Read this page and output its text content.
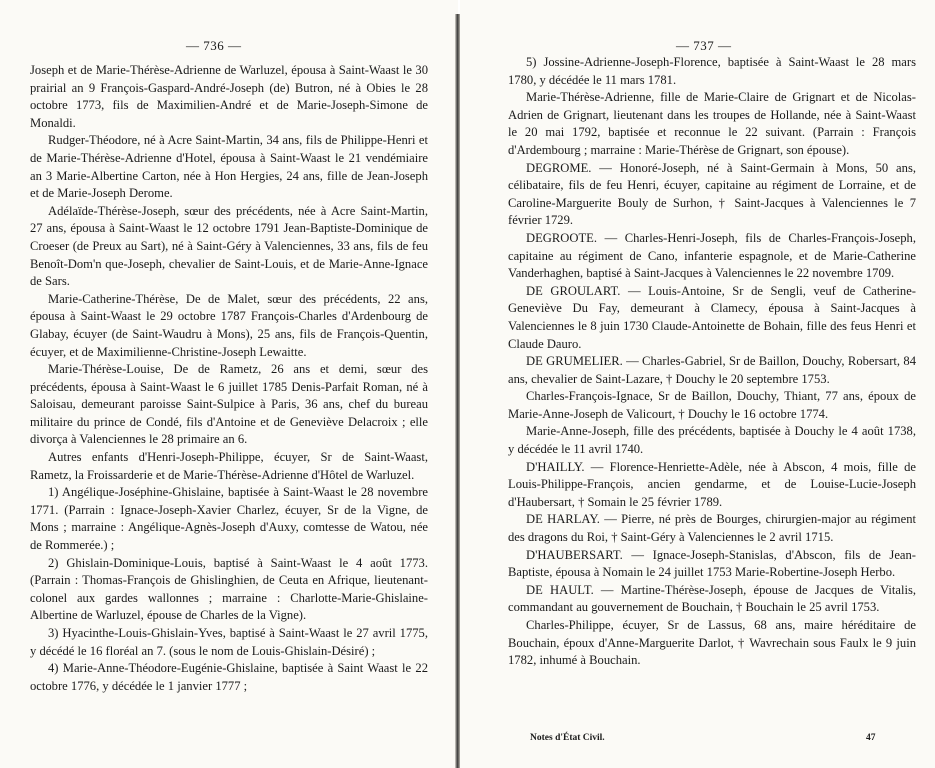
— 736 —

Joseph et de Marie-Thérèse-Adrienne de Warluzel, épousa à Saint-Waast le 30 prairial an 9 François-Gaspard-André-Joseph (de) Butron, né à Obies le 28 octobre 1773, fils de Maximilien-André et de Marie-Joseph-Simone de Monaldi.

Rudger-Théodore, né à Acre Saint-Martin, 34 ans, fils de Philippe-Henri et de Marie-Thérèse-Adrienne d'Hotel, épousa à Saint-Waast le 21 vendémiaire an 3 Marie-Albertine Carton, née à Hon Hergies, 24 ans, fille de Jean-Joseph et de Marie-Joseph Derome.

Adélaïde-Thérèse-Joseph, sœur des précédents, née à Acre Saint-Martin, 27 ans, épousa à Saint-Waast le 12 octobre 1791 Jean-Baptiste-Dominique de Croeser (de Preux au Sart), né à Saint-Géry à Valenciennes, 33 ans, fils de feu Benoît-Dom'n que-Joseph, chevalier de Saint-Louis, et de Marie-Anne-Ignace de Sars.

Marie-Catherine-Thérèse, De de Malet, sœur des précédents, 22 ans, épousa à Saint-Waast le 29 octobre 1787 François-Charles d'Ardenbourg de Glabay, écuyer (de Saint-Waudru à Mons), 25 ans, fils de François-Quentin, écuyer, et de Maximilienne-Christine-Joseph Lewaitte.

Marie-Thérèse-Louise, De de Rametz, 26 ans et demi, sœur des précédents, épousa à Saint-Waast le 6 juillet 1785 Denis-Parfait Roman, né à Saloisau, demeurant paroisse Saint-Sulpice à Paris, 36 ans, chef du bureau militaire du prince de Condé, fils d'Antoine et de Geneviève Delacroix ; elle divorça à Valenciennes le 28 primaire an 6.

Autres enfants d'Henri-Joseph-Philippe, écuyer, Sr de Saint-Waast, Rametz, la Froissarderie et de Marie-Thérèse-Adrienne d'Hôtel de Warluzel.

1) Angélique-Joséphine-Ghislaine, baptisée à Saint-Waast le 28 novembre 1771. (Parrain : Ignace-Joseph-Xavier Charlez, écuyer, Sr de la Vigne, de Mons ; marraine : Angélique-Agnès-Joseph d'Auxy, comtesse de Watou, née de Rommerée.) ;

2) Ghislain-Dominique-Louis, baptisé à Saint-Waast le 4 août 1773. (Parrain : Thomas-François de Ghislinghien, de Ceuta en Afrique, lieutenant-colonel aux gardes wallonnes ; marraine : Charlotte-Marie-Ghislaine-Albertine de Warluzel, épouse de Charles de la Vigne).

3) Hyacinthe-Louis-Ghislain-Yves, baptisé à Saint-Waast le 27 avril 1775, y décédé le 16 floréal an 7. (sous le nom de Louis-Ghislain-Désiré) ;

4) Marie-Anne-Théodore-Eugénie-Ghislaine, baptisée à Saint Waast le 22 octobre 1776, y décédée le 1 janvier 1777 ;

— 737 —

5) Jossine-Adrienne-Joseph-Florence, baptisée à Saint-Waast le 28 mars 1780, y décédée le 11 mars 1781.

Marie-Thérèse-Adrienne, fille de Marie-Claire de Grignart et de Nicolas-Adrien de Grignart, lieutenant dans les troupes de Hollande, née à Saint-Waast le 20 mai 1792, baptisée et reconnue le 22 suivant. (Parrain : François d'Ardembourg ; marraine : Marie-Thérèse de Grignart, son épouse).

DEGROME. — Honoré-Joseph, né à Saint-Germain à Mons, 50 ans, célibataire, fils de feu Henri, écuyer, capitaine au régiment de Lorraine, et de Caroline-Marguerite Bouly de Surhon, † Saint-Jacques à Valenciennes le 7 février 1729.

DEGROOTE. — Charles-Henri-Joseph, fils de Charles-François-Joseph, capitaine au régiment de Cano, infanterie espagnole, et de Marie-Catherine Vanderhaghen, baptisé à Saint-Jacques à Valenciennes le 22 novembre 1709.

DE GROULART. — Louis-Antoine, Sr de Sengli, veuf de Catherine-Geneviève Du Fay, demeurant à Clamecy, épousa à Saint-Jacques à Valenciennes le 8 juin 1730 Claude-Antoinette de Bohain, fille des feus Henri et Claude Dauro.

DE GRUMELIER. — Charles-Gabriel, Sr de Baillon, Douchy, Robersart, 84 ans, chevalier de Saint-Lazare, † Douchy le 20 septembre 1753.

Charles-François-Ignace, Sr de Baillon, Douchy, Thiant, 77 ans, époux de Marie-Anne-Joseph de Valicourt, † Douchy le 16 octobre 1774.

Marie-Anne-Joseph, fille des précédents, baptisée à Douchy le 4 août 1738, y décédée le 11 avril 1740.

D'HAILLY. — Florence-Henriette-Adèle, née à Abscon, 4 mois, fille de Louis-Philippe-François, ancien gendarme, et de Louise-Lucie-Joseph d'Haubersart, † Somain le 25 février 1789.

DE HARLAY. — Pierre, né près de Bourges, chirurgien-major au régiment des dragons du Roi, † Saint-Géry à Valenciennes le 2 avril 1715.

D'HAUBERSART. — Ignace-Joseph-Stanislas, d'Abscon, fils de Jean-Baptiste, épousa à Nomain le 24 juillet 1753 Marie-Robertine-Joseph Herbo.

DE HAULT. — Martine-Thérèse-Joseph, épouse de Jacques de Vitalis, commandant au gouvernement de Bouchain, † Bouchain le 25 avril 1753.

Charles-Philippe, écuyer, Sr de Lassus, 68 ans, maire héréditaire de Bouchain, époux d'Anne-Marguerite Darlot, † Wavrechain sous Faulx le 9 juin 1782, inhumé à Bouchain.

Notes d'État Civil.	47
